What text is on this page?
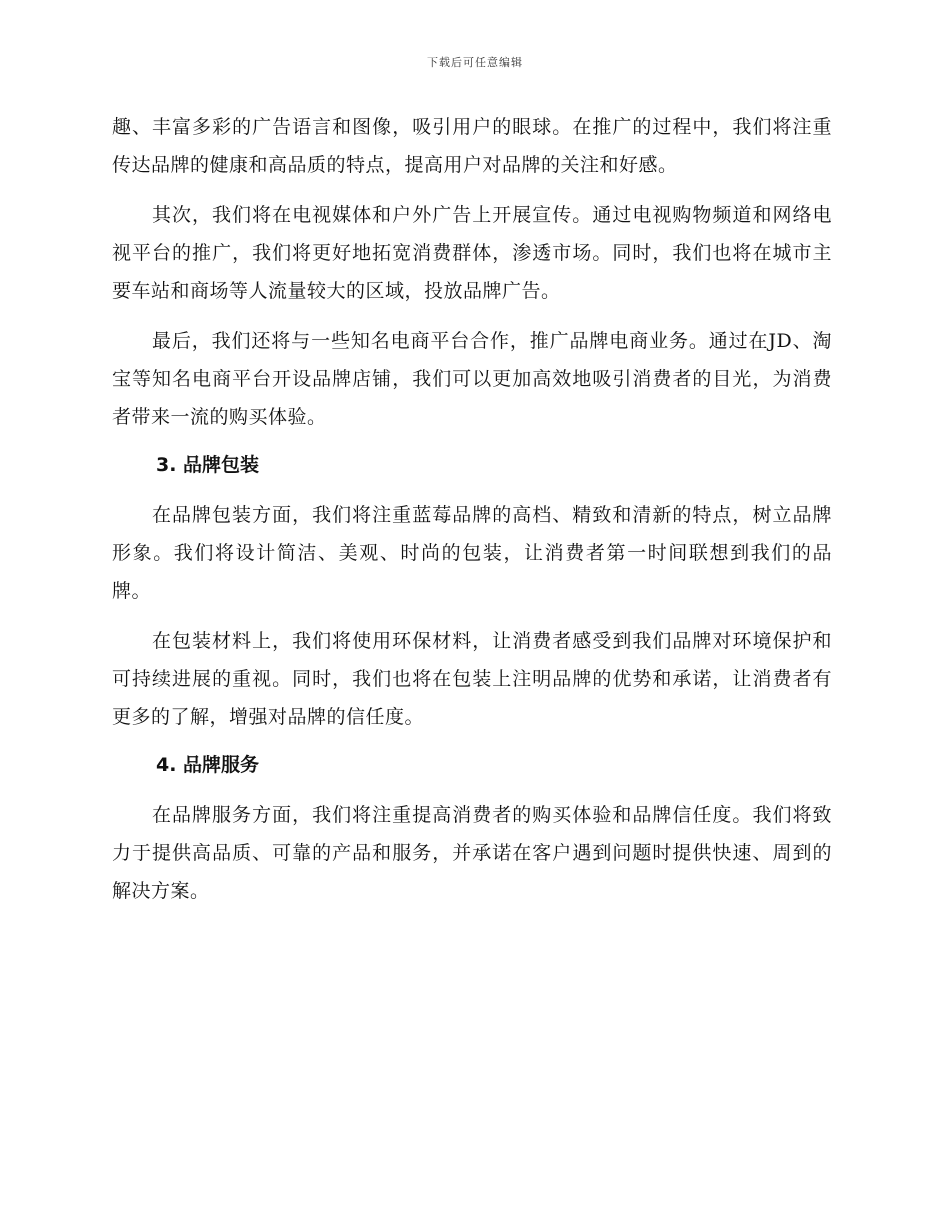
下载后可任意编辑

趣、丰富多彩的广告语言和图像，吸引用户的眼球。在推广的过程中，我们将注重传达品牌的健康和高品质的特点，提高用户对品牌的关注和好感。

其次，我们将在电视媒体和户外广告上开展宣传。通过电视购物频道和网络电视平台的推广，我们将更好地拓宽消费群体，渗透市场。同时，我们也将在城市主要车站和商场等人流量较大的区域，投放品牌广告。

最后，我们还将与一些知名电商平台合作，推广品牌电商业务。通过在JD、淘宝等知名电商平台开设品牌店铺，我们可以更加高效地吸引消费者的目光，为消费者带来一流的购买体验。

3. 品牌包装

在品牌包装方面，我们将注重蓝莓品牌的高档、精致和清新的特点，树立品牌形象。我们将设计简洁、美观、时尚的包装，让消费者第一时间联想到我们的品牌。

在包装材料上，我们将使用环保材料，让消费者感受到我们品牌对环境保护和可持续进展的重视。同时，我们也将在包装上注明品牌的优势和承诺，让消费者有更多的了解，增强对品牌的信任度。

4. 品牌服务

在品牌服务方面，我们将注重提高消费者的购买体验和品牌信任度。我们将致力于提供高品质、可靠的产品和服务，并承诺在客户遇到问题时提供快速、周到的解决方案。
